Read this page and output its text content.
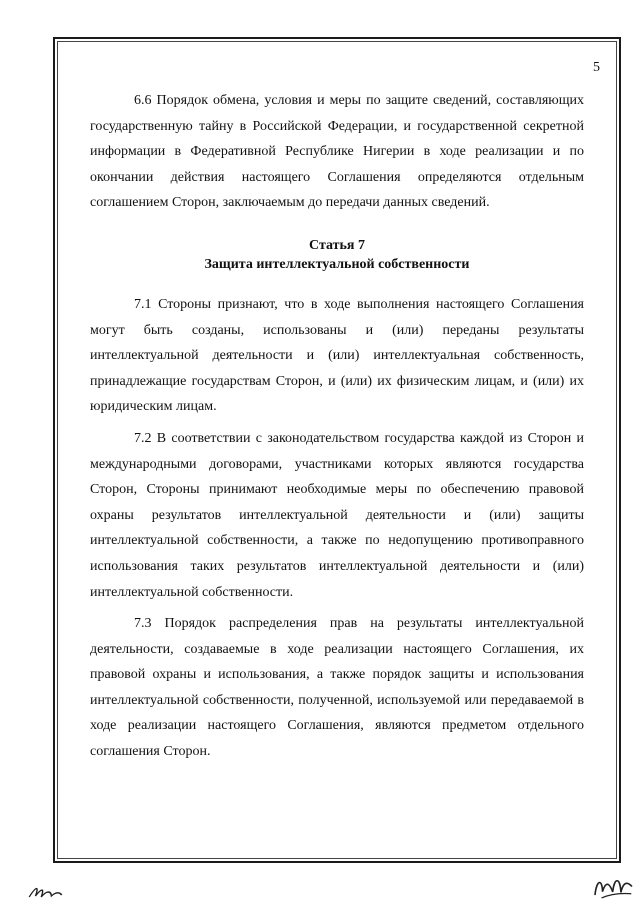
5

6.6 Порядок обмена, условия и меры по защите сведений, составляющих государственную тайну в Российской Федерации, и государственной секретной информации в Федеративной Республике Нигерии в ходе реализации и по окончании действия настоящего Соглашения определяются отдельным соглашением Сторон, заключаемым до передачи данных сведений.

Статья 7
Защита интеллектуальной собственности

7.1 Стороны признают, что в ходе выполнения настоящего Соглашения могут быть созданы, использованы и (или) переданы результаты интеллектуальной деятельности и (или) интеллектуальная собственность, принадлежащие государствам Сторон, и (или) их физическим лицам, и (или) их юридическим лицам.

7.2 В соответствии с законодательством государства каждой из Сторон и международными договорами, участниками которых являются государства Сторон, Стороны принимают необходимые меры по обеспечению правовой охраны результатов интеллектуальной деятельности и (или) защиты интеллектуальной собственности, а также по недопущению противоправного использования таких результатов интеллектуальной деятельности и (или) интеллектуальной собственности.

7.3 Порядок распределения прав на результаты интеллектуальной деятельности, создаваемые в ходе реализации настоящего Соглашения, их правовой охраны и использования, а также порядок защиты и использования интеллектуальной собственности, полученной, используемой или передаваемой в ходе реализации настоящего Соглашения, являются предметом отдельного соглашения Сторон.
